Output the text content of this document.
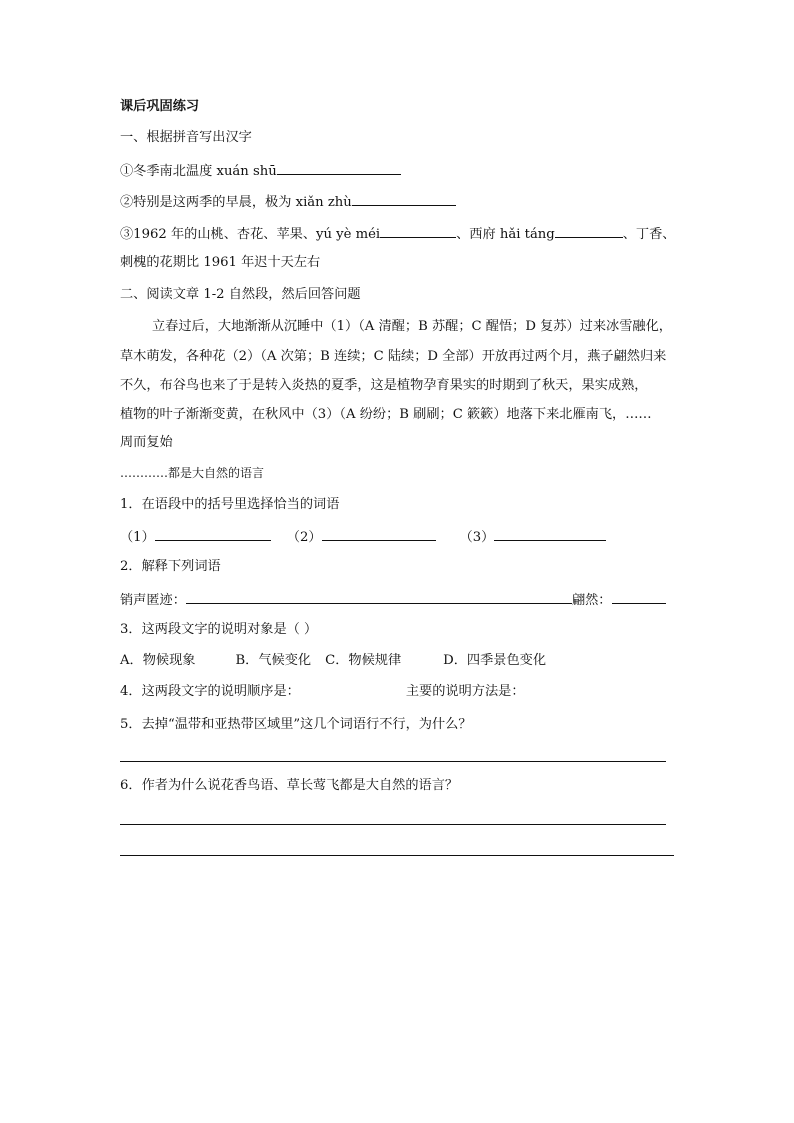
课后巩固练习
一、根据拼音写出汉字
①冬季南北温度 xuán shū
②特别是这两季的早晨，极为 xiǎn zhù
③1962 年的山桃、杏花、苹果、yú yè méi	、西府 hǎi táng	、丁香、
刺槐的花期比 1961 年迟十天左右
二、阅读文章 1-2 自然段，然后回答问题
立春过后，大地渐渐从沉睡中（1）（A 清醒；B 苏醒；C 醒悟；D 复苏）过来冰雪融化，
草木萌发，各种花（2）（A 次第；B 连续；C 陆续；D 全部）开放再过两个月，燕子翩然归来
不久，布谷鸟也来了于是转入炎热的夏季，这是植物孕育果实的时期到了秋天，果实成熟，
植物的叶子渐渐变黄，在秋风中（3）（A 纷纷；B 刷刷；C 簌簌）地落下来北雁南飞，……
周而复始
…………都是大自然的语言
1．在语段中的括号里选择恰当的词语
（1）	（2）	（3）
2．解释下列词语
销声匿迹：	翩然：
3．这两段文字的说明对象是（ ）
A．物候现象	B．气候变化 C．物候规律	D．四季景色变化
4．这两段文字的说明顺序是：	主要的说明方法是：
5．去掉“温带和亚热带区域里”这几个词语行不行，为什么？
6．作者为什么说花香鸟语、草长莺飞都是大自然的语言？
